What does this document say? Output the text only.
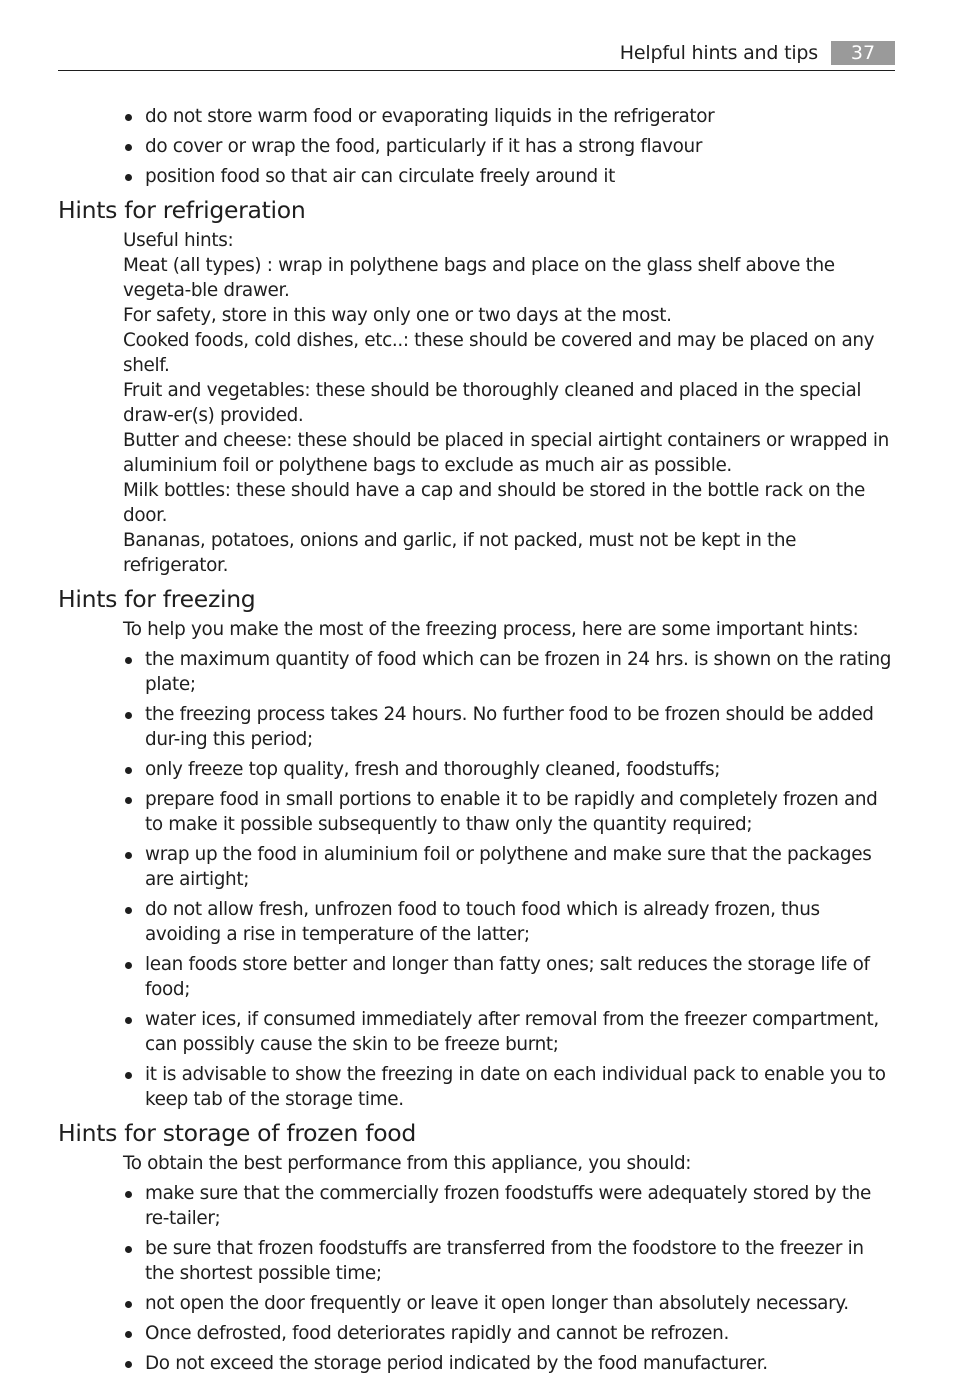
Helpful hints and tips	37
do not store warm food or evaporating liquids in the refrigerator
do cover or wrap the food, particularly if it has a strong flavour
position food so that air can circulate freely around it
Hints for refrigeration

Useful hints:

Meat (all types) : wrap in polythene bags and place on the glass shelf above the vegeta-ble drawer.

For safety, store in this way only one or two days at the most.

Cooked foods, cold dishes, etc..: these should be covered and may be placed on any shelf.

Fruit and vegetables: these should be thoroughly cleaned and placed in the special draw-er(s) provided.

Butter and cheese: these should be placed in special airtight containers or wrapped in aluminium foil or polythene bags to exclude as much air as possible.

Milk bottles: these should have a cap and should be stored in the bottle rack on the door.

Bananas, potatoes, onions and garlic, if not packed, must not be kept in the refrigerator.

Hints for freezing

To help you make the most of the freezing process, here are some important hints:

the maximum quantity of food which can be frozen in 24 hrs. is shown on the rating plate;
the freezing process takes 24 hours. No further food to be frozen should be added dur-ing this period;
only freeze top quality, fresh and thoroughly cleaned, foodstuffs;
prepare food in small portions to enable it to be rapidly and completely frozen and to make it possible subsequently to thaw only the quantity required;
wrap up the food in aluminium foil or polythene and make sure that the packages are airtight;
do not allow fresh, unfrozen food to touch food which is already frozen, thus avoiding a rise in temperature of the latter;
lean foods store better and longer than fatty ones; salt reduces the storage life of food;
water ices, if consumed immediately after removal from the freezer compartment, can possibly cause the skin to be freeze burnt;
it is advisable to show the freezing in date on each individual pack to enable you to keep tab of the storage time.
Hints for storage of frozen food

To obtain the best performance from this appliance, you should:

make sure that the commercially frozen foodstuffs were adequately stored by the re-tailer;
be sure that frozen foodstuffs are transferred from the foodstore to the freezer in the shortest possible time;
not open the door frequently or leave it open longer than absolutely necessary.
Once defrosted, food deteriorates rapidly and cannot be refrozen.
Do not exceed the storage period indicated by the food manufacturer.
